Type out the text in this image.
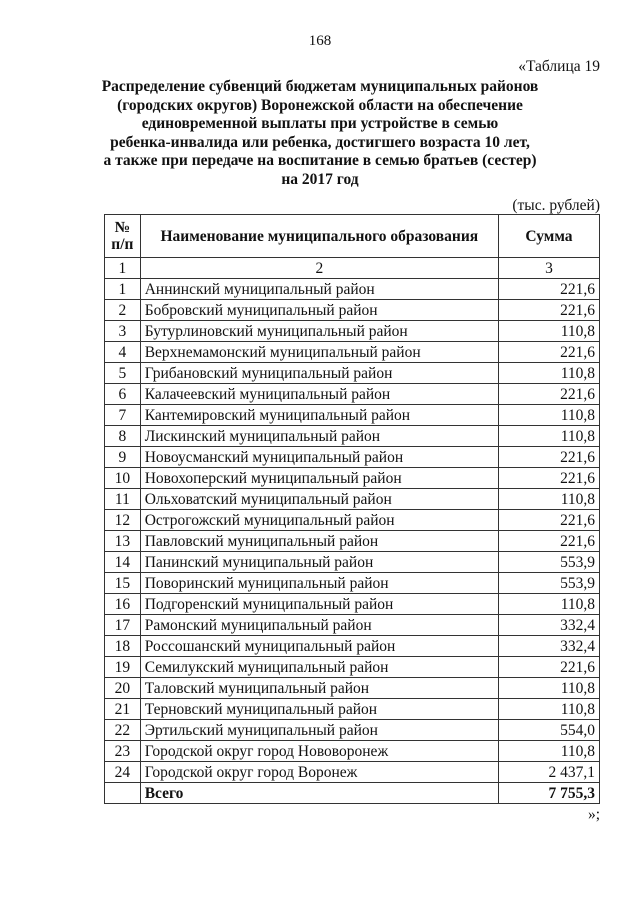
168
«Таблица 19
Распределение субвенций бюджетам муниципальных районов
(городских округов) Воронежской области на обеспечение
единовременной выплаты при устройстве в семью
ребенка-инвалида или ребенка, достигшего возраста 10 лет,
а также при передаче на воспитание в семью братьев (сестер)
на 2017 год
(тыс. рублей)
№
п/п	Наименование муниципального образования	Сумма
1	2	3
1	Аннинский муниципальный район	221,6
2	Бобровский муниципальный район	221,6
3	Бутурлиновский муниципальный район	110,8
4	Верхнемамонский муниципальный район	221,6
5	Грибановский муниципальный район	110,8
6	Калачеевский муниципальный район	221,6
7	Кантемировский муниципальный район	110,8
8	Лискинский муниципальный район	110,8
9	Новоусманский муниципальный район	221,6
10	Новохоперский муниципальный район	221,6
11	Ольховатский муниципальный район	110,8
12	Острогожский муниципальный район	221,6
13	Павловский муниципальный район	221,6
14	Панинский муниципальный район	553,9
15	Поворинский муниципальный район	553,9
16	Подгоренский муниципальный район	110,8
17	Рамонский муниципальный район	332,4
18	Россошанский муниципальный район	332,4
19	Семилукский муниципальный район	221,6
20	Таловский муниципальный район	110,8
21	Терновский муниципальный район	110,8
22	Эртильский муниципальный район	554,0
23	Городской округ город Нововоронеж	110,8
24	Городской округ город Воронеж	2 437,1
	Всего	7 755,3
»;
